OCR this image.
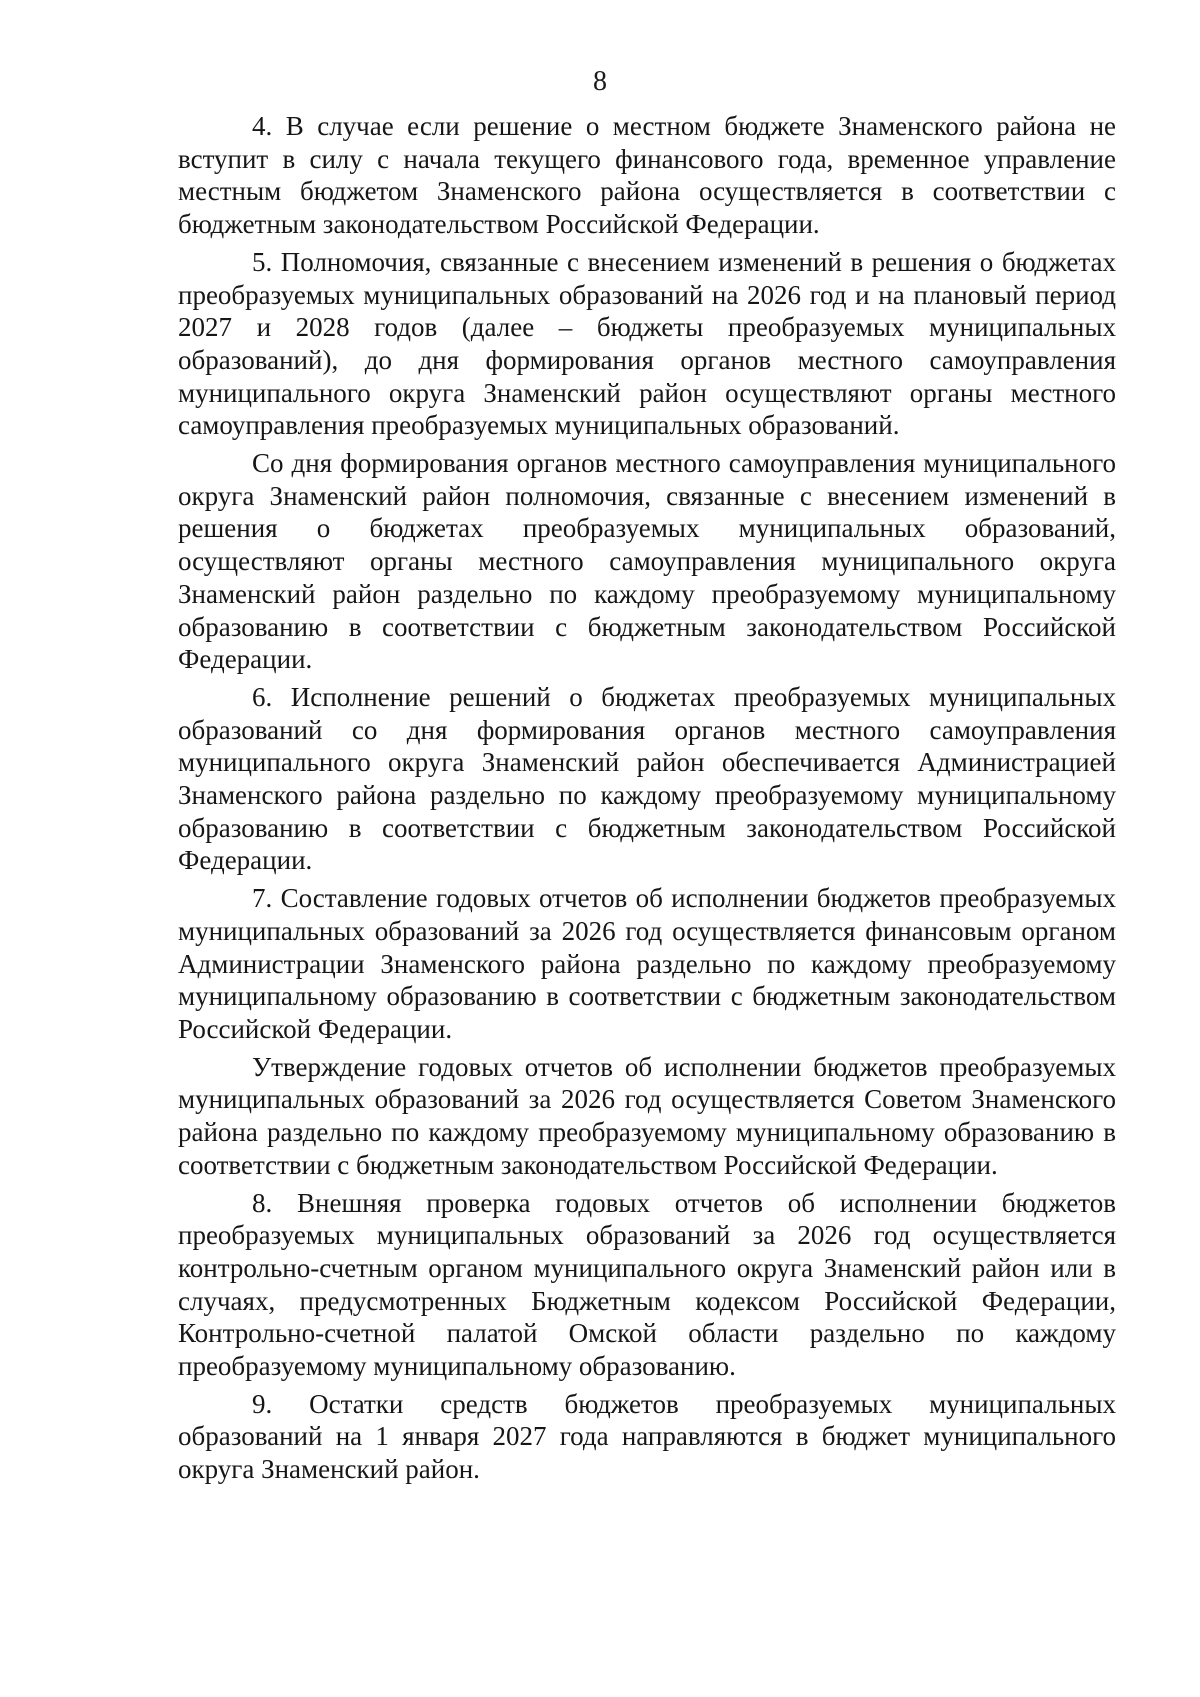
8

4. В случае если решение о местном бюджете Знаменского района не вступит в силу с начала текущего финансового года, временное управление местным бюджетом Знаменского района осуществляется в соответствии с бюджетным законодательством Российской Федерации.

5. Полномочия, связанные с внесением изменений в решения о бюджетах преобразуемых муниципальных образований на 2026 год и на плановый период 2027 и 2028 годов (далее – бюджеты преобразуемых муниципальных образований), до дня формирования органов местного самоуправления муниципального округа Знаменский район осуществляют органы местного самоуправления преобразуемых муниципальных образований.

Со дня формирования органов местного самоуправления муниципального округа Знаменский район полномочия, связанные с внесением изменений в решения о бюджетах преобразуемых муниципальных образований, осуществляют органы местного самоуправления муниципального округа Знаменский район раздельно по каждому преобразуемому муниципальному образованию в соответствии с бюджетным законодательством Российской Федерации.

6. Исполнение решений о бюджетах преобразуемых муниципальных образований со дня формирования органов местного самоуправления муниципального округа Знаменский район обеспечивается Администрацией Знаменского района раздельно по каждому преобразуемому муниципальному образованию в соответствии с бюджетным законодательством Российской Федерации.

7. Составление годовых отчетов об исполнении бюджетов преобразуемых муниципальных образований за 2026 год осуществляется финансовым органом Администрации Знаменского района раздельно по каждому преобразуемому муниципальному образованию в соответствии с бюджетным законодательством Российской Федерации.

Утверждение годовых отчетов об исполнении бюджетов преобразуемых муниципальных образований за 2026 год осуществляется Советом Знаменского района раздельно по каждому преобразуемому муниципальному образованию в соответствии с бюджетным законодательством Российской Федерации.

8. Внешняя проверка годовых отчетов об исполнении бюджетов преобразуемых муниципальных образований за 2026 год осуществляется контрольно-счетным органом муниципального округа Знаменский район или в случаях, предусмотренных Бюджетным кодексом Российской Федерации, Контрольно-счетной палатой Омской области раздельно по каждому преобразуемому муниципальному образованию.

9. Остатки средств бюджетов преобразуемых муниципальных образований на 1 января 2027 года направляются в бюджет муниципального округа Знаменский район.
